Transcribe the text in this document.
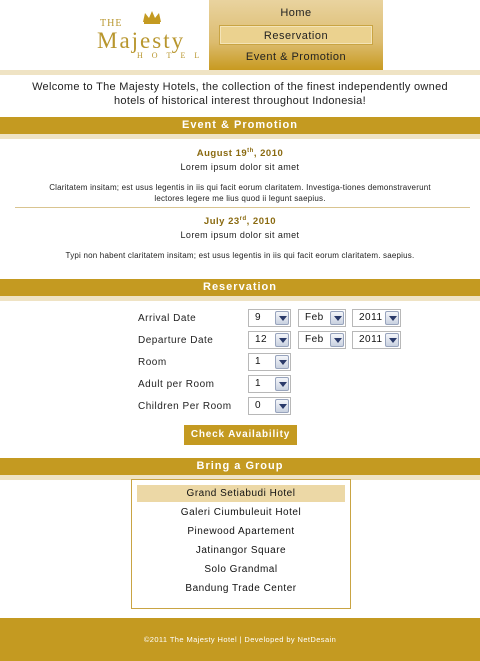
THE
Majesty
HOTEL
Home
Reservation
Event & Promotion
Welcome to The Majesty Hotels, the collection of the finest independently owned hotels of historical interest throughout Indonesia!
Event & Promotion
August 19th, 2010
Lorem ipsum dolor sit amet
Claritatem insitam; est usus legentis in iis qui facit eorum claritatem. Investiga-tiones demonstraverunt lectores legere me lius quod ii legunt saepius.
July 23rd, 2010
Lorem ipsum dolor sit amet
Typi non habent claritatem insitam; est usus legentis in iis qui facit eorum claritatem. saepius.
Reservation
Arrival Date	9	Feb	2011
Departure Date	12	Feb	2011
Room	1
Adult per Room	1
Children Per Room	0
Check Availability
Bring a Group
Grand Setiabudi Hotel
Galeri Ciumbuleuit Hotel
Pinewood Apartement
Jatinangor Square
Solo Grandmal
Bandung Trade Center
©2011 The Majesty Hotel | Developed by NetDesain
